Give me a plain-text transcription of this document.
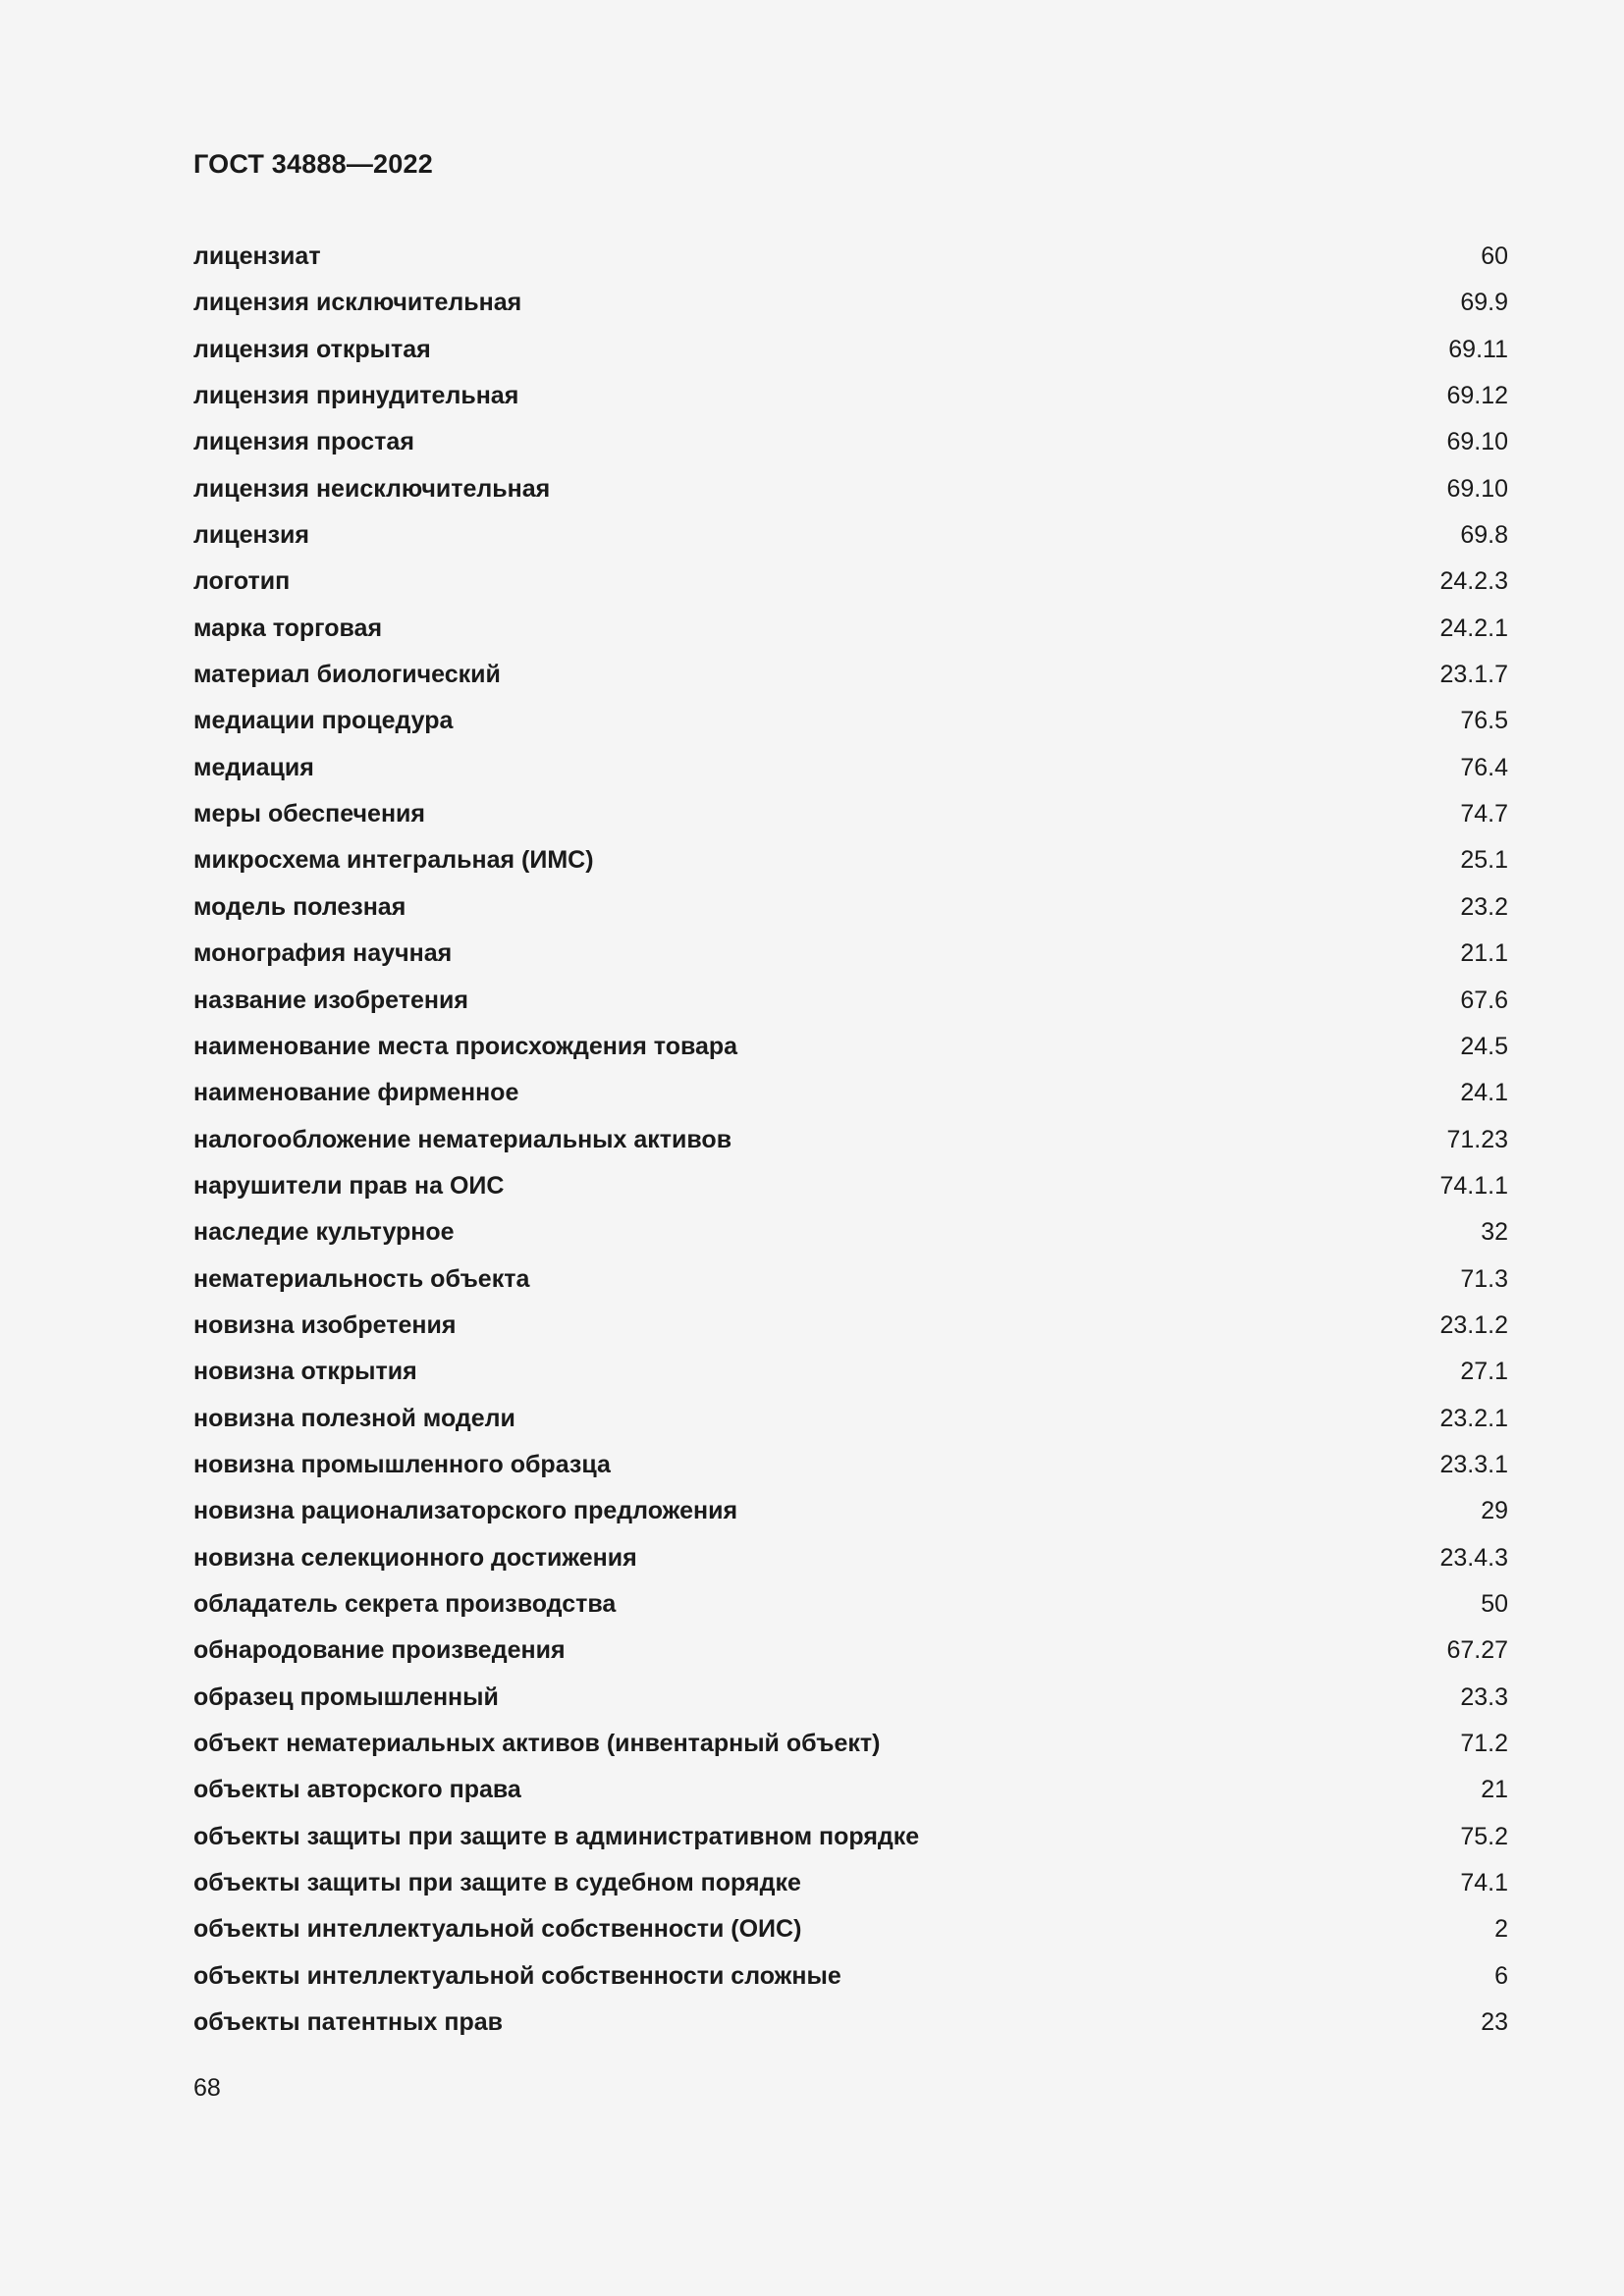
ГОСТ 34888—2022
лицензиат	60
лицензия исключительная	69.9
лицензия открытая	69.11
лицензия принудительная	69.12
лицензия простая	69.10
лицензия неисключительная	69.10
лицензия	69.8
логотип	24.2.3
марка торговая	24.2.1
материал биологический	23.1.7
медиации процедура	76.5
медиация	76.4
меры обеспечения	74.7
микросхема интегральная (ИМС)	25.1
модель полезная	23.2
монография научная	21.1
название изобретения	67.6
наименование места происхождения товара	24.5
наименование фирменное	24.1
налогообложение нематериальных активов	71.23
нарушители прав на ОИС	74.1.1
наследие культурное	32
нематериальность объекта	71.3
новизна изобретения	23.1.2
новизна открытия	27.1
новизна полезной модели	23.2.1
новизна промышленного образца	23.3.1
новизна рационализаторского предложения	29
новизна селекционного достижения	23.4.3
обладатель секрета производства	50
обнародование произведения	67.27
образец промышленный	23.3
объект нематериальных активов (инвентарный объект)	71.2
объекты авторского права	21
объекты защиты при защите в административном порядке	75.2
объекты защиты при защите в судебном порядке	74.1
объекты интеллектуальной собственности (ОИС)	2
объекты интеллектуальной собственности сложные	6
объекты патентных прав	23
68
